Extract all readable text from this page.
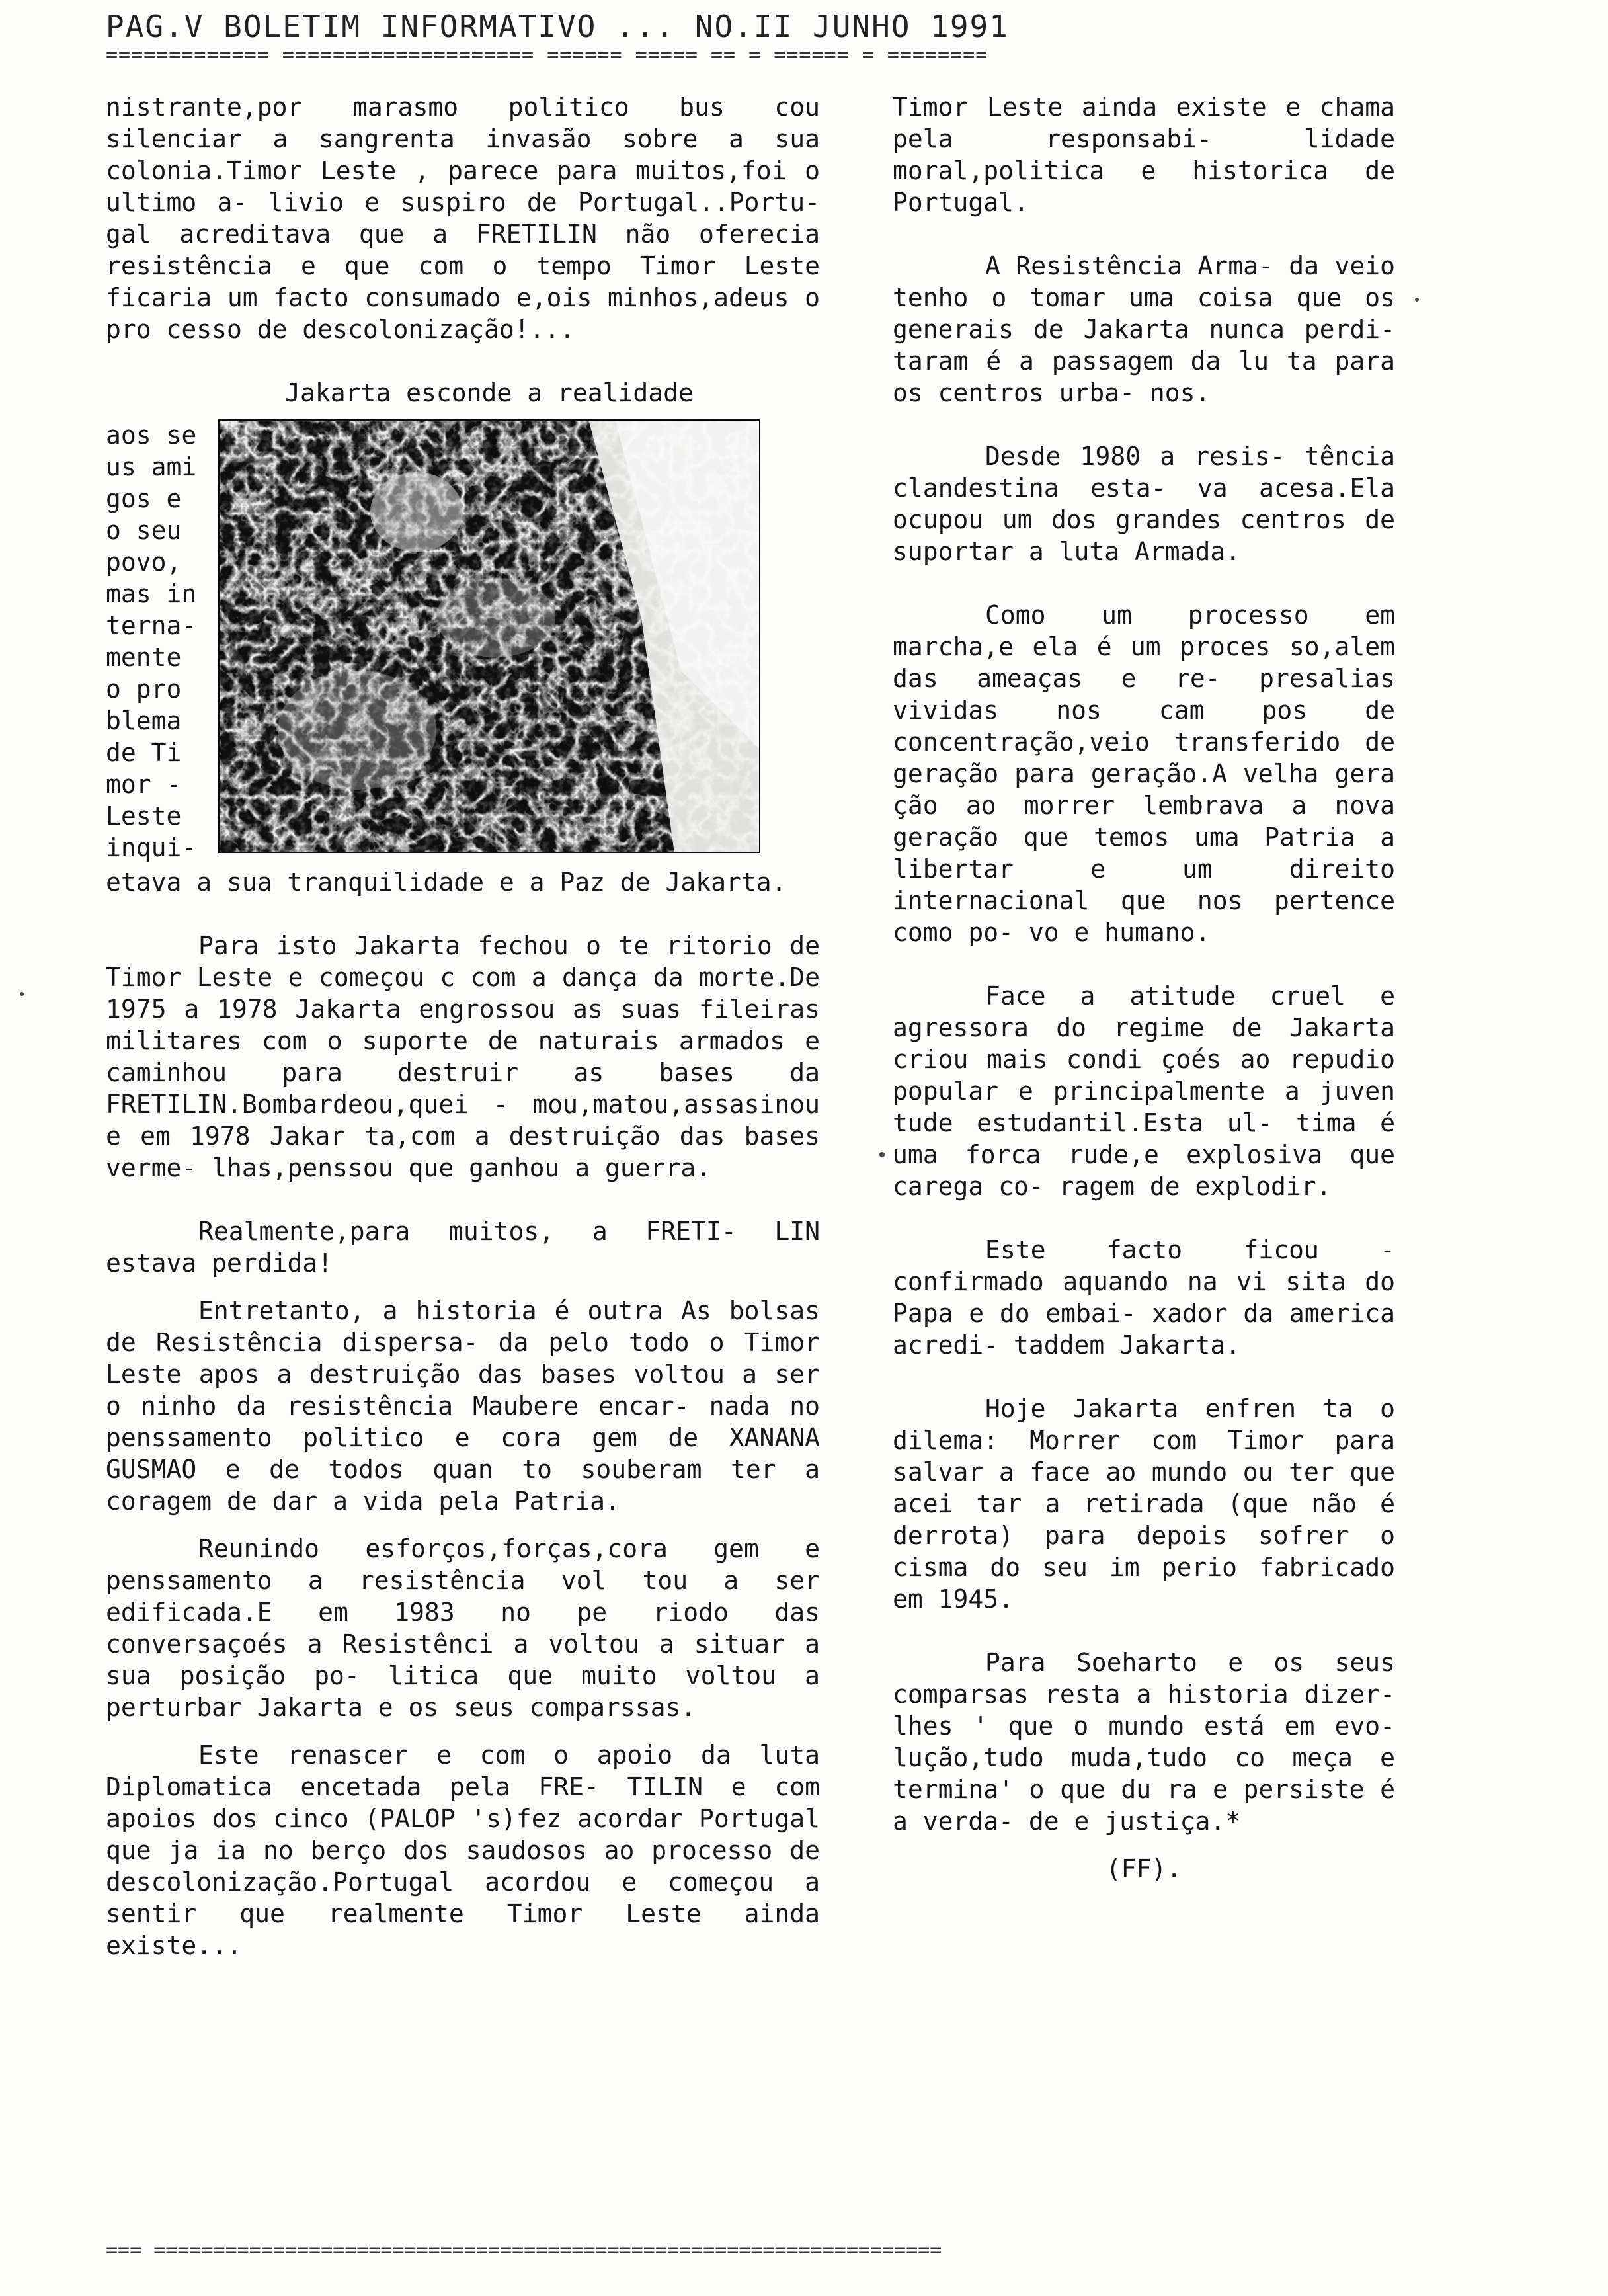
PAG.V BOLETIM INFORMATIVO ... NO.II JUNHO 1991
============= ==================== ====== ===== == = ====== = ========

nistrante,por marasmo politico bus cou silenciar a sangrenta invasão sobre a sua colonia.Timor Leste , parece para muitos,foi o ultimo a- livio e suspiro de Portugal..Portu- gal acreditava que a FRETILIN não oferecia resistência e que com o tempo Timor Leste ficaria um facto consumado e,ois minhos,adeus o pro cesso de descolonização!...

Jakarta esconde a realidade
aos se
us ami
gos e
o seu
povo,
mas in
terna-
mente
o pro
blema
de Ti
mor -
Leste
inqui-

etava a sua tranquilidade e a Paz de Jakarta.

Para isto Jakarta fechou o te ritorio de Timor Leste e começou c com a dança da morte.De 1975 a 1978 Jakarta engrossou as suas fileiras militares com o suporte de naturais armados e caminhou para destruir as bases da FRETILIN.Bombardeou,quei - mou,matou,assasinou e em 1978 Jakar ta,com a destruição das bases verme- lhas,penssou que ganhou a guerra.

Realmente,para muitos, a FRETI- LIN estava perdida!

Entretanto, a historia é outra As bolsas de Resistência dispersa- da pelo todo o Timor Leste apos a destruição das bases voltou a ser o ninho da resistência Maubere encar- nada no penssamento politico e cora gem de XANANA GUSMAO e de todos quan to souberam ter a coragem de dar a vida pela Patria.

Reunindo esforços,forças,cora gem e penssamento a resistência vol tou a ser edificada.E em 1983 no pe riodo das conversaçoés a Resistênci a voltou a situar a sua posição po- litica que muito voltou a perturbar Jakarta e os seus comparssas.

Este renascer e com o apoio da luta Diplomatica encetada pela FRE- TILIN e com apoios dos cinco (PALOP 's)fez acordar Portugal que ja ia no berço dos saudosos ao processo de descolonização.Portugal acordou e começou a sentir que realmente Timor Leste ainda existe...

Timor Leste ainda existe e chama pela responsabi- lidade moral,politica e historica de Portugal.

A Resistência Arma- da veio tenho o tomar uma coisa que os generais de Jakarta nunca perdi- taram é a passagem da lu ta para os centros urba- nos.

Desde 1980 a resis- tência clandestina esta- va acesa.Ela ocupou um dos grandes centros de suportar a luta Armada.

Como um processo em marcha,e ela é um proces so,alem das ameaças e re- presalias vividas nos cam pos de concentração,veio transferido de geração para geração.A velha gera ção ao morrer lembrava a nova geração que temos uma Patria a libertar e um direito internacional que nos pertence como po- vo e humano.

Face a atitude cruel e agressora do regime de Jakarta criou mais condi çoés ao repudio popular e principalmente a juven tude estudantil.Esta ul- tima é uma forca rude,e explosiva que carega co- ragem de explodir.

Este facto ficou - confirmado aquando na vi sita do Papa e do embai- xador da america acredi- taddem Jakarta.

Hoje Jakarta enfren ta o dilema: Morrer com Timor para salvar a face ao mundo ou ter que acei tar a retirada (que não é derrota) para depois sofrer o cisma do seu im perio fabricado em 1945.

Para Soeharto e os seus comparsas resta a historia dizer-lhes ' que o mundo está em evo- lução,tudo muda,tudo co meça e termina' o que du ra e persiste é a verda- de e justiça.*

(FF).
=== ==================================================================
